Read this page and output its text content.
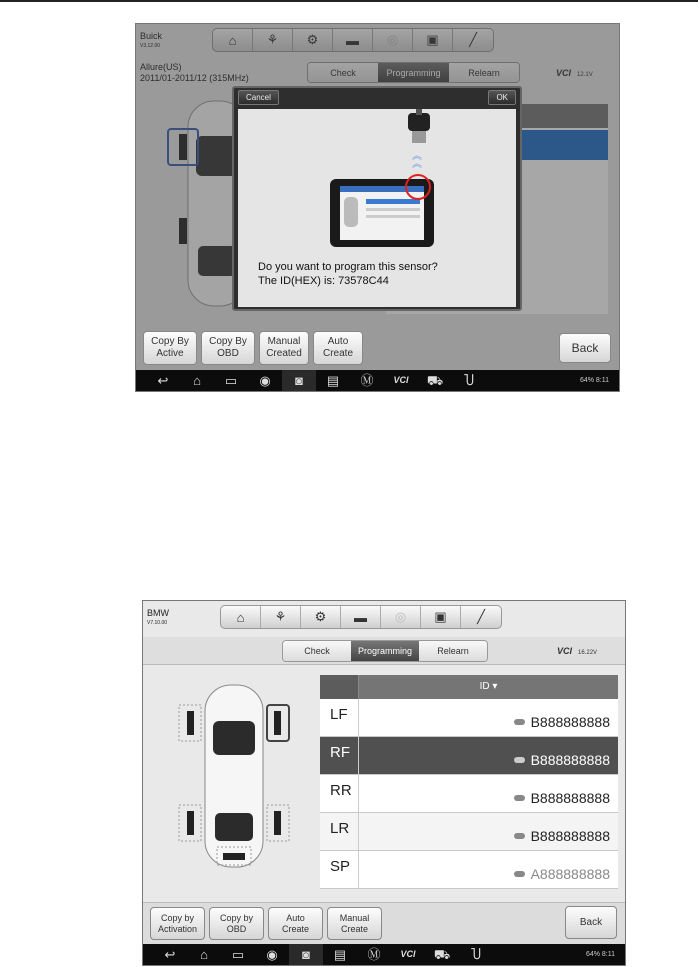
Buick
V3.12.00	⌂	⚘	⚙	▬	◎	▣	╱
Allure(US)
2011/01-2011/12 (315MHz)
Check	Programming	Relearn	VCI 12.1V
Cancel	OK
︽
︽
Do you want to program this sensor?
The ID(HEX) is: 73578C44
Copy By
Active
Copy By
OBD
Manual
Created
Auto
Create	Back
↩	⌂	▭	◉	◙	▤	Ⓜ	VCI	⛟	Ⴎ	64% 8:11
BMW
V7.10.00	⌂	⚘	⚙	▬	◎	▣	╱
Check	Programming	Relearn	VCI 16.22V
ID ▾
LF	B888888888
RF	B888888888
RR	B888888888
LR	B888888888
SP	A888888888
Copy by
Activation
Copy by
OBD
Auto
Create
Manual
Create
Back
↩	⌂	▭	◉	◙	▤	Ⓜ	VCI	⛟	Ⴎ	64% 8:11
